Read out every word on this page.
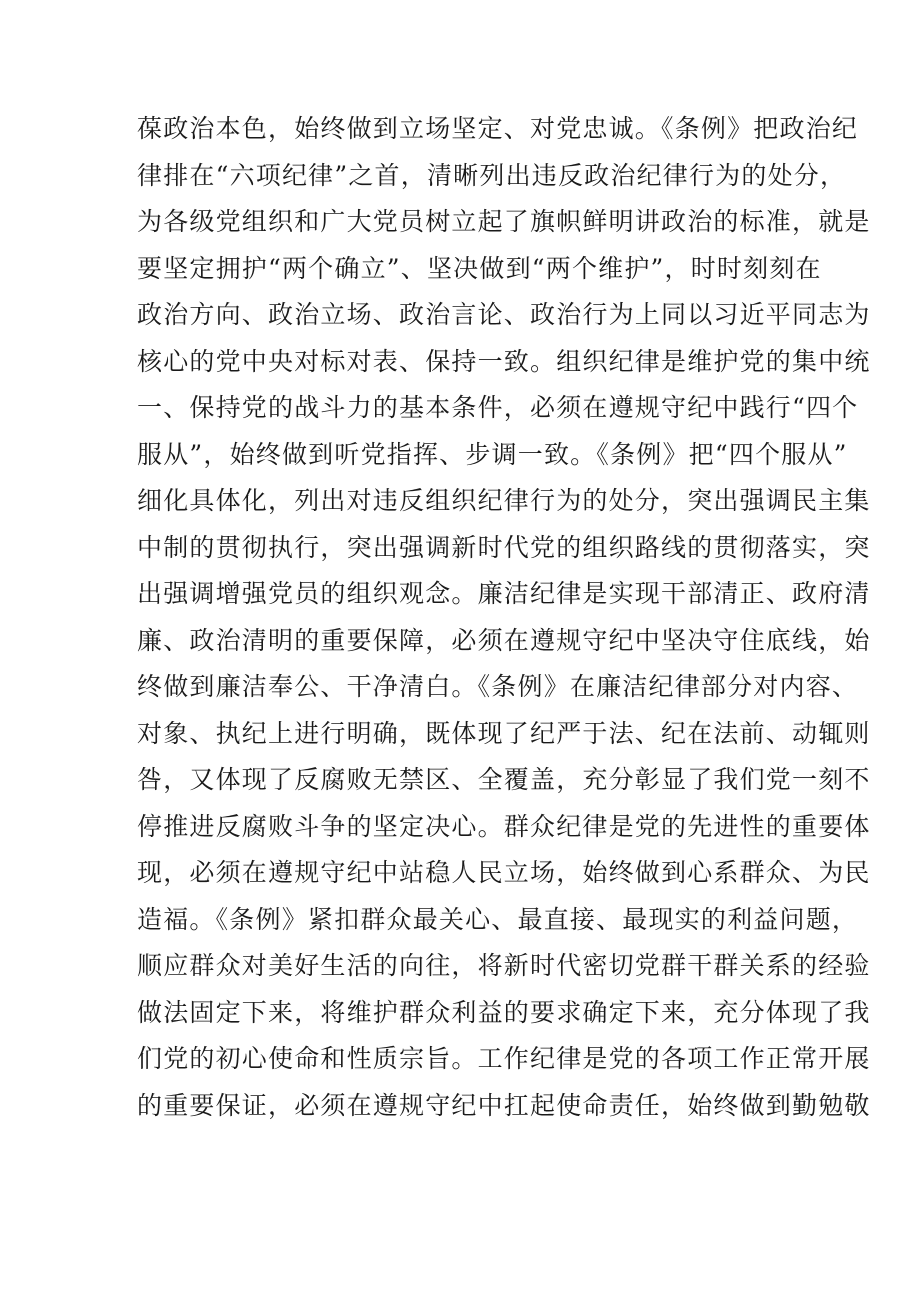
葆政治本色，始终做到立场坚定、对党忠诚。《条例》把政治纪
律排在“六项纪律”之首，清晰列出违反政治纪律行为的处分，
为各级党组织和广大党员树立起了旗帜鲜明讲政治的标准，就是
要坚定拥护“两个确立”、坚决做到“两个维护”，时时刻刻在
政治方向、政治立场、政治言论、政治行为上同以习近平同志为
核心的党中央对标对表、保持一致。组织纪律是维护党的集中统
一、保持党的战斗力的基本条件，必须在遵规守纪中践行“四个
服从”，始终做到听党指挥、步调一致。《条例》把“四个服从”
细化具体化，列出对违反组织纪律行为的处分，突出强调民主集
中制的贯彻执行，突出强调新时代党的组织路线的贯彻落实，突
出强调增强党员的组织观念。廉洁纪律是实现干部清正、政府清
廉、政治清明的重要保障，必须在遵规守纪中坚决守住底线，始
终做到廉洁奉公、干净清白。《条例》在廉洁纪律部分对内容、
对象、执纪上进行明确，既体现了纪严于法、纪在法前、动辄则
咎，又体现了反腐败无禁区、全覆盖，充分彰显了我们党一刻不
停推进反腐败斗争的坚定决心。群众纪律是党的先进性的重要体
现，必须在遵规守纪中站稳人民立场，始终做到心系群众、为民
造福。《条例》紧扣群众最关心、最直接、最现实的利益问题，
顺应群众对美好生活的向往，将新时代密切党群干群关系的经验
做法固定下来，将维护群众利益的要求确定下来，充分体现了我
们党的初心使命和性质宗旨。工作纪律是党的各项工作正常开展
的重要保证，必须在遵规守纪中扛起使命责任，始终做到勤勉敬
